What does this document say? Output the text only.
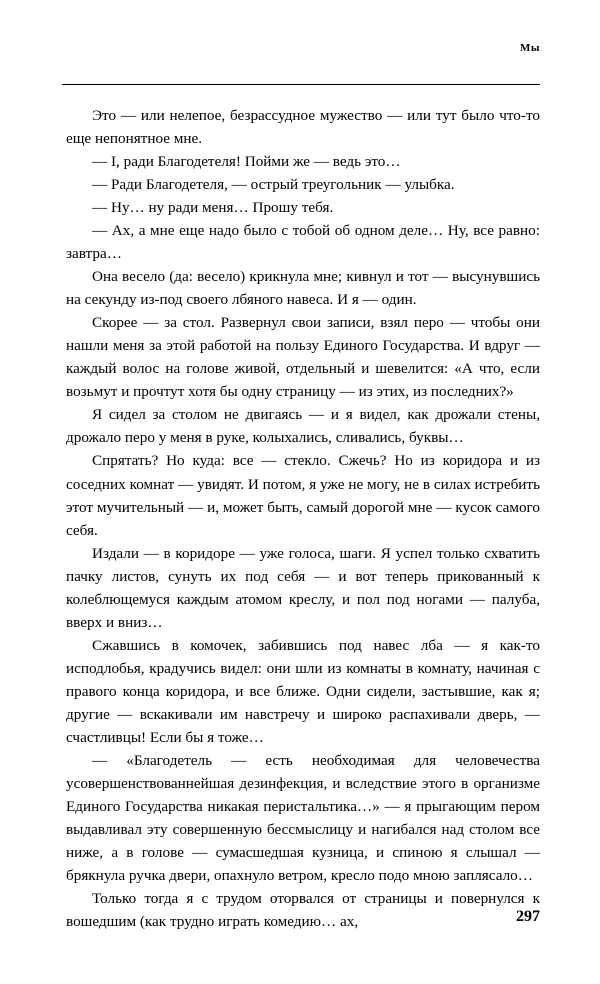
Мы

Это — или нелепое, безрассудное мужество — или тут было что-то еще непонятное мне.

— I, ради Благодетеля! Пойми же — ведь это…

— Ради Благодетеля, — острый треугольник — улыбка.

— Ну… ну ради меня… Прошу тебя.

— Ах, а мне еще надо было с тобой об одном деле… Ну, все равно: завтра…

Она весело (да: весело) крикнула мне; кивнул и тот — высунувшись на секунду из-под своего лбяного навеса. И я — один.

Скорее — за стол. Развернул свои записи, взял перо — чтобы они нашли меня за этой работой на пользу Единого Государства. И вдруг — каждый волос на голове живой, отдельный и шевелится: «А что, если возьмут и прочтут хотя бы одну страницу — из этих, из последних?»

Я сидел за столом не двигаясь — и я видел, как дрожали стены, дрожало перо у меня в руке, колыхались, сливались, буквы…

Спрятать? Но куда: все — стекло. Сжечь? Но из коридора и из соседних комнат — увидят. И потом, я уже не могу, не в силах истребить этот мучительный — и, может быть, самый дорогой мне — кусок самого себя.

Издали — в коридоре — уже голоса, шаги. Я успел только схватить пачку листов, сунуть их под себя — и вот теперь прикованный к колеблющемуся каждым атомом креслу, и пол под ногами — палуба, вверх и вниз…

Сжавшись в комочек, забившись под навес лба — я как-то исподлобья, крадучись видел: они шли из комнаты в комнату, начиная с правого конца коридора, и все ближе. Одни сидели, застывшие, как я; другие — вскакивали им навстречу и широко распахивали дверь, — счастливцы! Если бы я тоже…

— «Благодетель — есть необходимая для человечества усовершенствованнейшая дезинфекция, и вследствие этого в организме Единого Государства никакая перистальтика…» — я прыгающим пером выдавливал эту совершенную бессмыслицу и нагибался над столом все ниже, а в голове — сумасшедшая кузница, и спиною я слышал — брякнула ручка двери, опахнуло ветром, кресло подо мною заплясало…

Только тогда я с трудом оторвался от страницы и повернулся к вошедшим (как трудно играть комедию… ах,	297
